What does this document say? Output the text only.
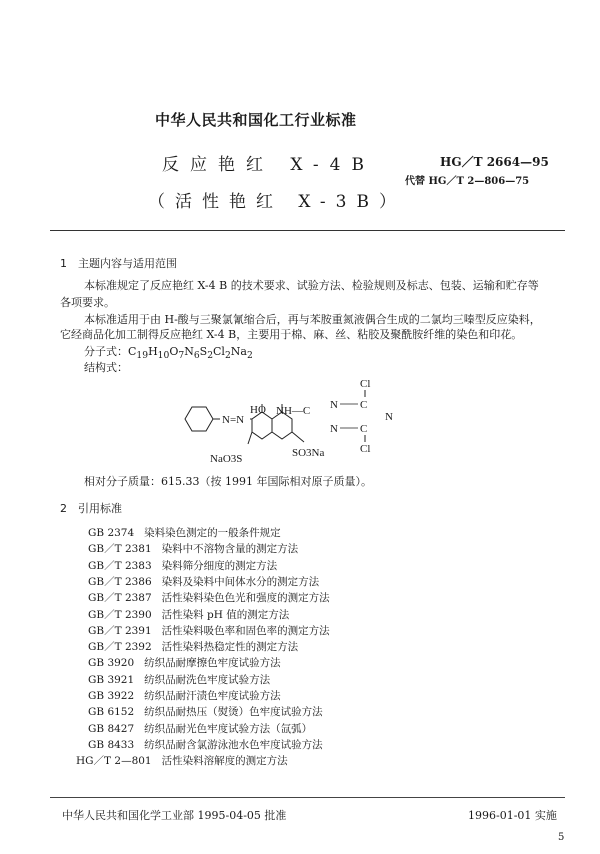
中华人民共和国化工行业标准
反应艳红 X-4B
（活性艳红 X-3B）
HG／T 2664—95
代替 HG／T 2—806—75
1　主题内容与适用范围
本标准规定了反应艳红 X-4 B 的技术要求、试验方法、检验规则及标志、包装、运输和贮存等
各项要求。
本标准适用于由 H-酸与三聚氯氰缩合后，再与苯胺重氮液偶合生成的二氯均三嗪型反应染料，
它经商品化加工制得反应艳红 X-4 B，主要用于棉、麻、丝、粘胶及聚酰胺纤维的染色和印花。
分子式：$C_{19}H_{10}O_7N_6S_2Cl_2Na_2$
结构式：
HO NH—C
N=N
N C
N
N C
Cl
Cl
NaO3S	SO3Na
相对分子质量：615.33（按 1991 年国际相对原子质量）。
2　引用标准
GB 2374 染料染色测定的一般条件规定
GB／T 2381 染料中不溶物含量的测定方法
GB／T 2383 染料筛分细度的测定方法
GB／T 2386 染料及染料中间体水分的测定方法
GB／T 2387 活性染料染色色光和强度的测定方法
GB／T 2390 活性染料 pH 值的测定方法
GB／T 2391 活性染料吸色率和固色率的测定方法
GB／T 2392 活性染料热稳定性的测定方法
GB 3920 纺织品耐摩擦色牢度试验方法
GB 3921 纺织品耐洗色牢度试验方法
GB 3922 纺织品耐汗渍色牢度试验方法
GB 6152 纺织品耐热压（熨烫）色牢度试验方法
GB 8427 纺织品耐光色牢度试验方法（氙弧）
GB 8433 纺织品耐含氯游泳池水色牢度试验方法
HG／T 2—801 活性染料溶解度的测定方法
中华人民共和国化学工业部 1995-04-05 批准	1996-01-01 实施
5
